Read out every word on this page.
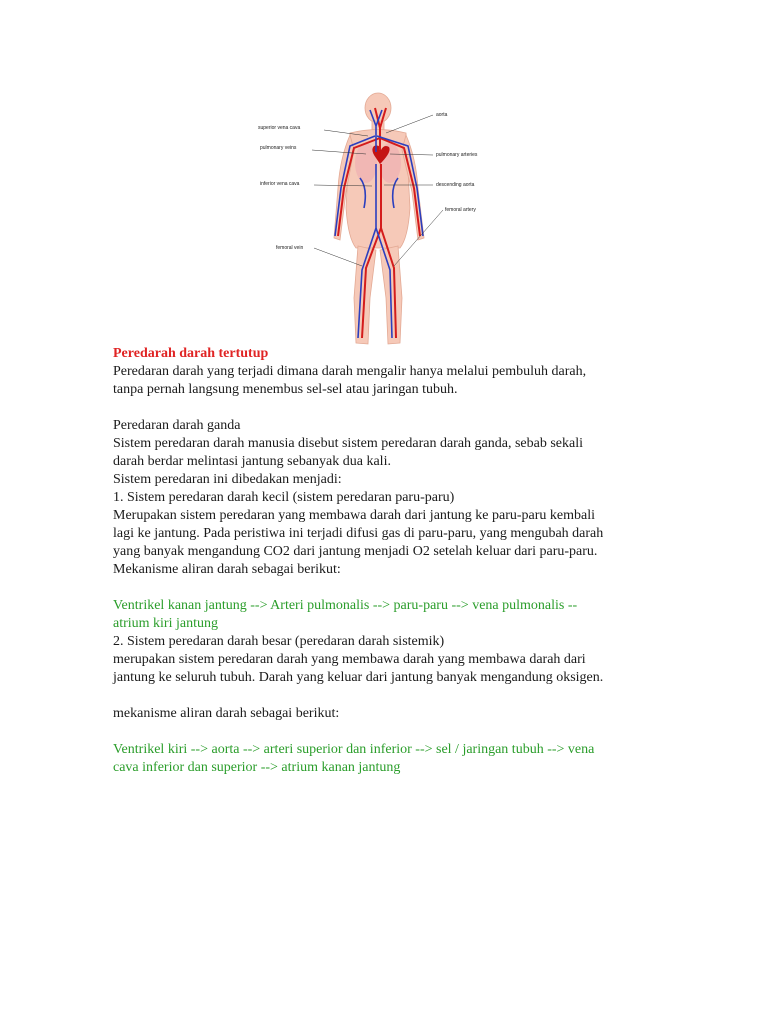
superior vena cava
pulmonary veins
inferior vena cava
femoral vein
aorta
pulmonary arteries
descending aorta
femoral artery

Peredarah darah tertutup

Peredaran darah yang terjadi dimana darah mengalir hanya melalui pembuluh darah,

tanpa pernah langsung menembus sel-sel atau jaringan tubuh.

Peredaran darah ganda

Sistem peredaran darah manusia disebut sistem peredaran darah ganda, sebab sekali

darah berdar melintasi jantung sebanyak dua kali.

Sistem peredaran ini dibedakan menjadi:

1. Sistem peredaran darah kecil (sistem peredaran paru-paru)

Merupakan sistem peredaran yang membawa darah dari jantung ke paru-paru kembali

lagi ke jantung. Pada peristiwa ini terjadi difusi gas di paru-paru, yang mengubah darah

yang banyak mengandung CO2 dari jantung menjadi O2 setelah keluar dari paru-paru.

Mekanisme aliran darah sebagai berikut:

Ventrikel kanan jantung --> Arteri pulmonalis --> paru-paru --> vena pulmonalis --

atrium kiri jantung

2. Sistem peredaran darah besar (peredaran darah sistemik)

merupakan sistem peredaran darah yang membawa darah yang membawa darah dari

jantung ke seluruh tubuh. Darah yang keluar dari jantung banyak mengandung oksigen.

mekanisme aliran darah sebagai berikut:

Ventrikel kiri --> aorta --> arteri superior dan inferior --> sel / jaringan tubuh --> vena

cava inferior dan superior --> atrium kanan jantung
